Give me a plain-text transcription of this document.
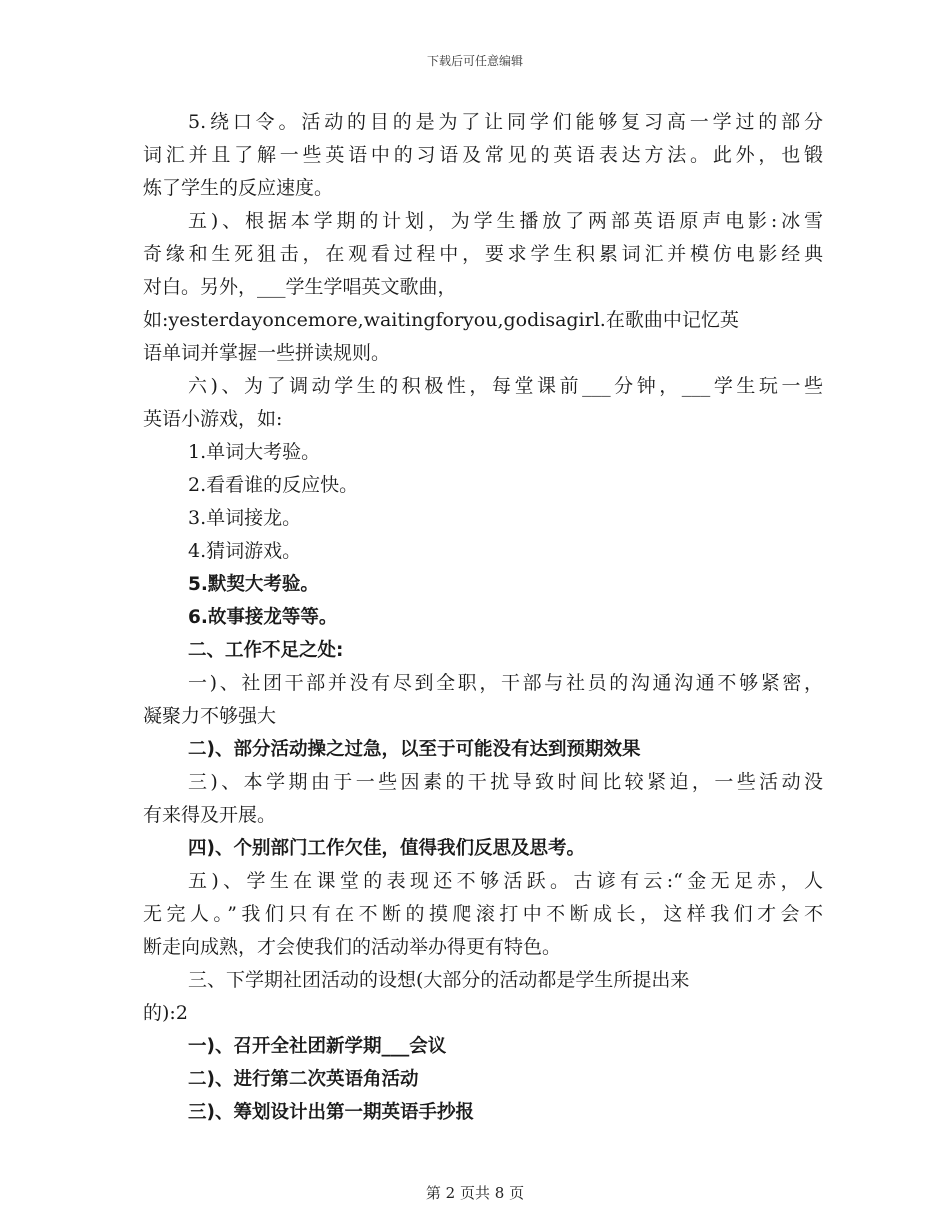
下载后可任意编辑
5.绕口令。活动的目的是为了让同学们能够复习高一学过的部分
词汇并且了解一些英语中的习语及常见的英语表达方法。此外，也锻
炼了学生的反应速度。
五)、根据本学期的计划，为学生播放了两部英语原声电影:冰雪
奇缘和生死狙击，在观看过程中，要求学生积累词汇并模仿电影经典
对白。另外，___学生学唱英文歌曲，
如:yesterdayoncemore,waitingforyou,godisagirl.在歌曲中记忆英
语单词并掌握一些拼读规则。
六)、为了调动学生的积极性，每堂课前___分钟，___学生玩一些
英语小游戏，如:
1.单词大考验。
2.看看谁的反应快。
3.单词接龙。
4.猜词游戏。
5.默契大考验。
6.故事接龙等等。
二、工作不足之处:
一)、社团干部并没有尽到全职，干部与社员的沟通沟通不够紧密，
凝聚力不够强大
二)、部分活动操之过急，以至于可能没有达到预期效果
三)、本学期由于一些因素的干扰导致时间比较紧迫，一些活动没
有来得及开展。
四)、个别部门工作欠佳，值得我们反思及思考。
五)、学生在课堂的表现还不够活跃。古谚有云:“金无足赤，人
无完人。”我们只有在不断的摸爬滚打中不断成长，这样我们才会不
断走向成熟，才会使我们的活动举办得更有特色。
三、下学期社团活动的设想(大部分的活动都是学生所提出来
的):2
一)、召开全社团新学期___会议
二)、进行第二次英语角活动
三)、筹划设计出第一期英语手抄报
第 2 页共 8 页
